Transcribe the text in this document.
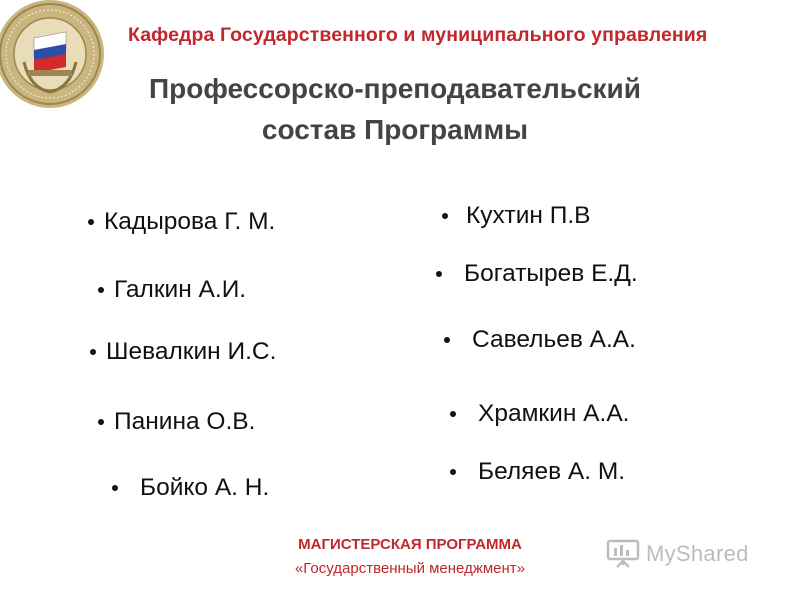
Кафедра Государственного и муниципального управления
Профессорско-преподавательский
состав Программы
Кадырова Г. М.
Галкин А.И.
Шевалкин И.С.
Панина О.В.
Бойко А. Н.
Кухтин П.В
Богатырев Е.Д.
Савельев А.А.
Храмкин А.А.
Беляев А. М.
МАГИСТЕРСКАЯ ПРОГРАММА
«Государственный менеджмент»
MyShared
